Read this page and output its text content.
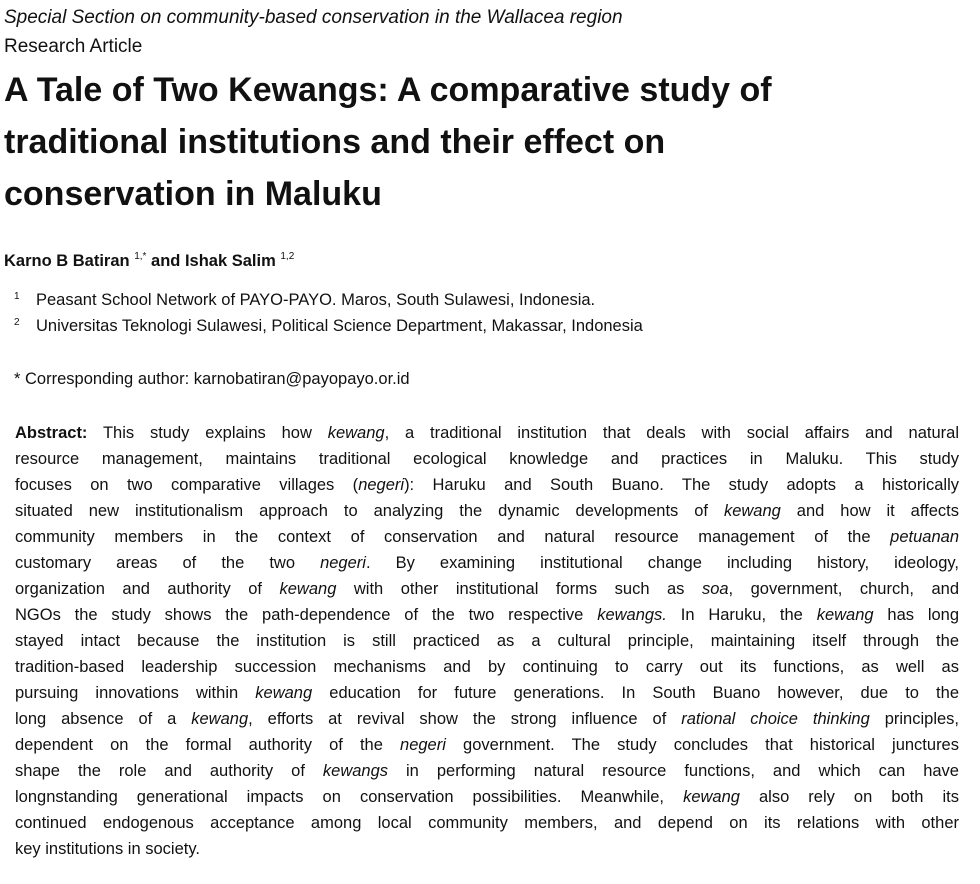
Special Section on community-based conservation in the Wallacea region
Research Article
A Tale of Two Kewangs: A comparative study of
traditional institutions and their effect on
conservation in Maluku
Karno B Batiran $^{1,*}$ and Ishak Salim $^{1,2}$
$^1$ Peasant School Network of PAYO-PAYO. Maros, South Sulawesi, Indonesia.
$^2$ Universitas Teknologi Sulawesi, Political Science Department, Makassar, Indonesia
* Corresponding author: karnobatiran@payopayo.or.id
Abstract: This study explains how kewang, a traditional institution that deals with social affairs and natural
resource management, maintains traditional ecological knowledge and practices in Maluku. This study
focuses on two comparative villages (negeri): Haruku and South Buano. The study adopts a historically
situated new institutionalism approach to analyzing the dynamic developments of kewang and how it affects
community members in the context of conservation and natural resource management of the petuanan
customary areas of the two negeri. By examining institutional change including history, ideology,
organization and authority of kewang with other institutional forms such as soa, government, church, and
NGOs the study shows the path-dependence of the two respective kewangs. In Haruku, the kewang has long
stayed intact because the institution is still practiced as a cultural principle, maintaining itself through the
tradition-based leadership succession mechanisms and by continuing to carry out its functions, as well as
pursuing innovations within kewang education for future generations. In South Buano however, due to the
long absence of a kewang, efforts at revival show the strong influence of rational choice thinking principles,
dependent on the formal authority of the negeri government. The study concludes that historical junctures
shape the role and authority of kewangs in performing natural resource functions, and which can have
longnstanding generational impacts on conservation possibilities. Meanwhile, kewang also rely on both its
continued endogenous acceptance among local community members, and depend on its relations with other
key institutions in society.
